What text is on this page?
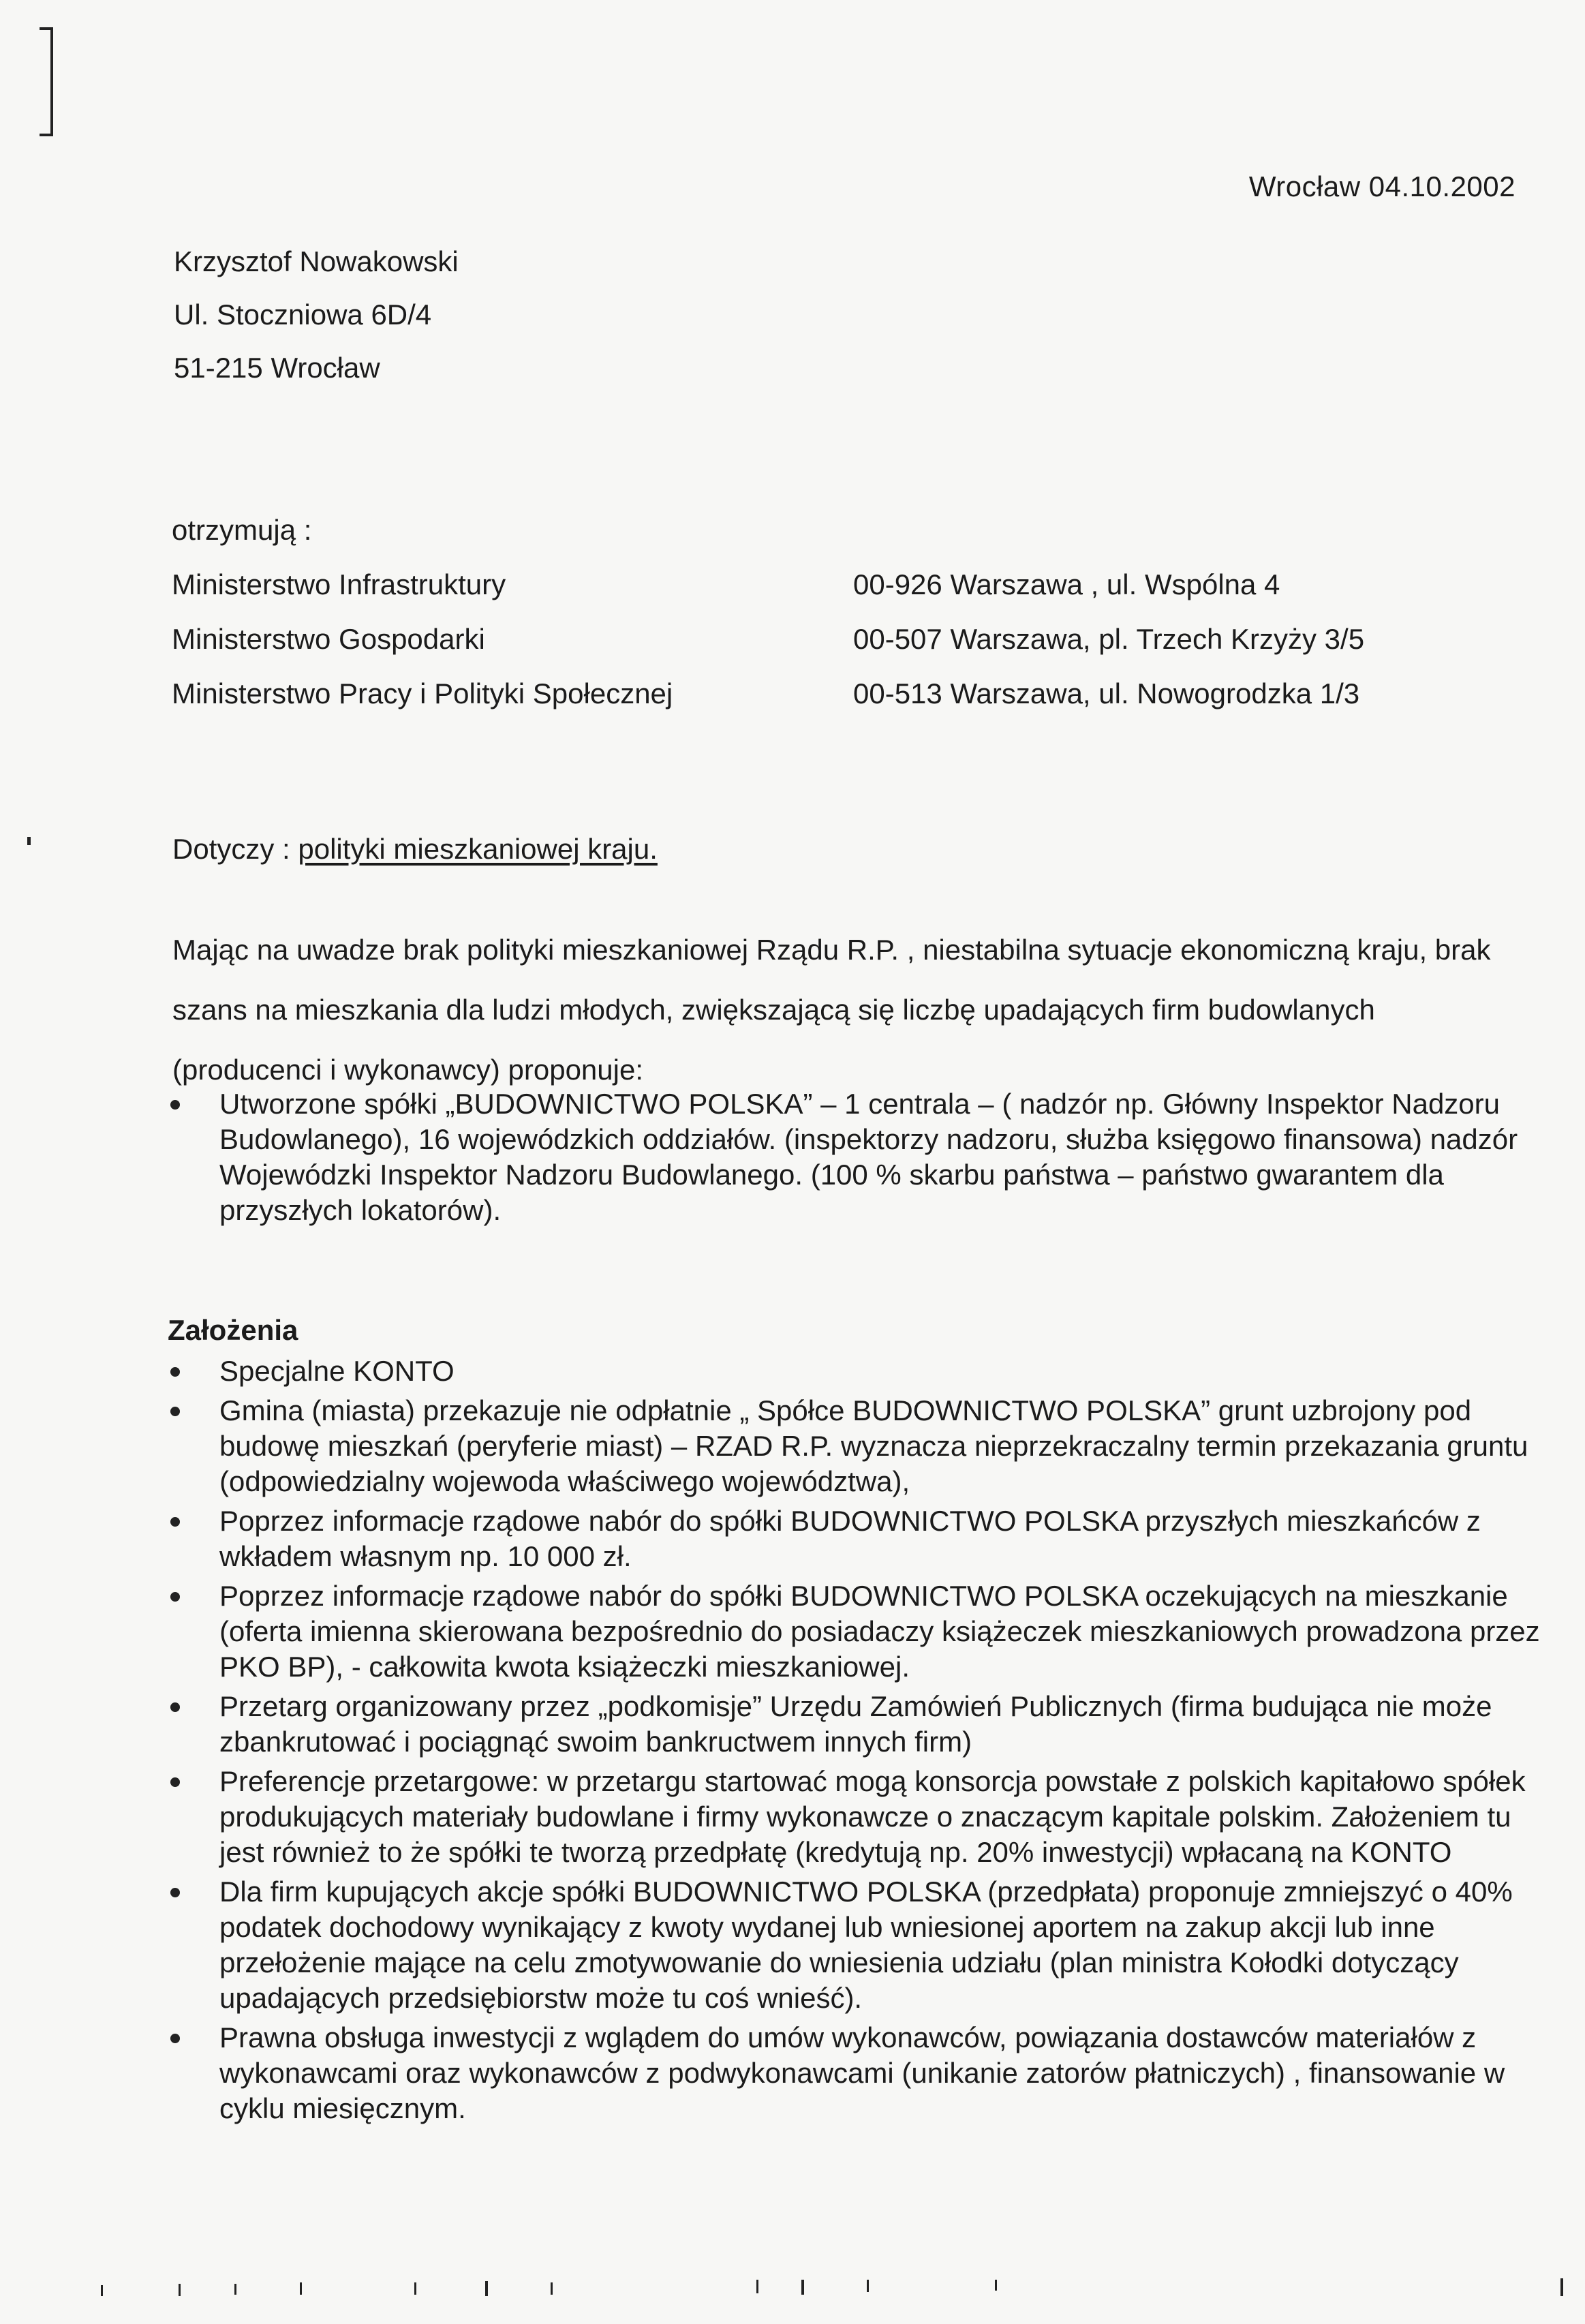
Wrocław 04.10.2002
Krzysztof Nowakowski
Ul. Stoczniowa 6D/4
51-215 Wrocław
otrzymują :
Ministerstwo Infrastruktury	00-926 Warszawa , ul. Wspólna 4
Ministerstwo Gospodarki	00-507 Warszawa, pl. Trzech Krzyży 3/5
Ministerstwo Pracy i Polityki Społecznej	00-513 Warszawa, ul. Nowogrodzka 1/3
Dotyczy : polityki mieszkaniowej kraju.
Mając na uwadze brak polityki mieszkaniowej Rządu R.P. , niestabilna sytuacje ekonomiczną kraju, brak szans na mieszkania dla ludzi młodych, zwiększającą się liczbę upadających firm budowlanych (producenci i wykonawcy) proponuje:
Utworzone spółki „BUDOWNICTWO POLSKA” – 1 centrala – ( nadzór np. Główny Inspektor Nadzoru Budowlanego), 16 wojewódzkich oddziałów. (inspektorzy nadzoru, służba księgowo finansowa) nadzór Wojewódzki Inspektor Nadzoru Budowlanego. (100 % skarbu państwa – państwo gwarantem dla przyszłych lokatorów).
Założenia
Specjalne KONTO
Gmina (miasta) przekazuje nie odpłatnie „ Spółce BUDOWNICTWO POLSKA” grunt uzbrojony pod budowę mieszkań (peryferie miast) – RZAD R.P. wyznacza nieprzekraczalny termin przekazania gruntu (odpowiedzialny wojewoda właściwego województwa),
Poprzez informacje rządowe nabór do spółki BUDOWNICTWO POLSKA przyszłych mieszkańców z wkładem własnym np. 10 000 zł.
Poprzez informacje rządowe nabór do spółki BUDOWNICTWO POLSKA oczekujących na mieszkanie (oferta imienna skierowana bezpośrednio do posiadaczy książeczek mieszkaniowych prowadzona przez PKO BP), - całkowita kwota książeczki mieszkaniowej.
Przetarg organizowany przez „podkomisje” Urzędu Zamówień Publicznych (firma budująca nie może zbankrutować i pociągnąć swoim bankructwem innych firm)
Preferencje przetargowe: w przetargu startować mogą konsorcja powstałe z polskich kapitałowo spółek produkujących materiały budowlane i firmy wykonawcze o znaczącym kapitale polskim. Założeniem tu jest również to że spółki te tworzą przedpłatę (kredytują np. 20% inwestycji) wpłacaną na KONTO
Dla firm kupujących akcje spółki BUDOWNICTWO POLSKA (przedpłata) proponuje zmniejszyć o 40% podatek dochodowy wynikający z kwoty wydanej lub wniesionej aportem na zakup akcji lub inne przełożenie mające na celu zmotywowanie do wniesienia udziału (plan ministra Kołodki dotyczący upadających przedsiębiorstw może tu coś wnieść).
Prawna obsługa inwestycji z wglądem do umów wykonawców, powiązania dostawców materiałów z wykonawcami oraz wykonawców z podwykonawcami (unikanie zatorów płatniczych) , finansowanie w cyklu miesięcznym.
